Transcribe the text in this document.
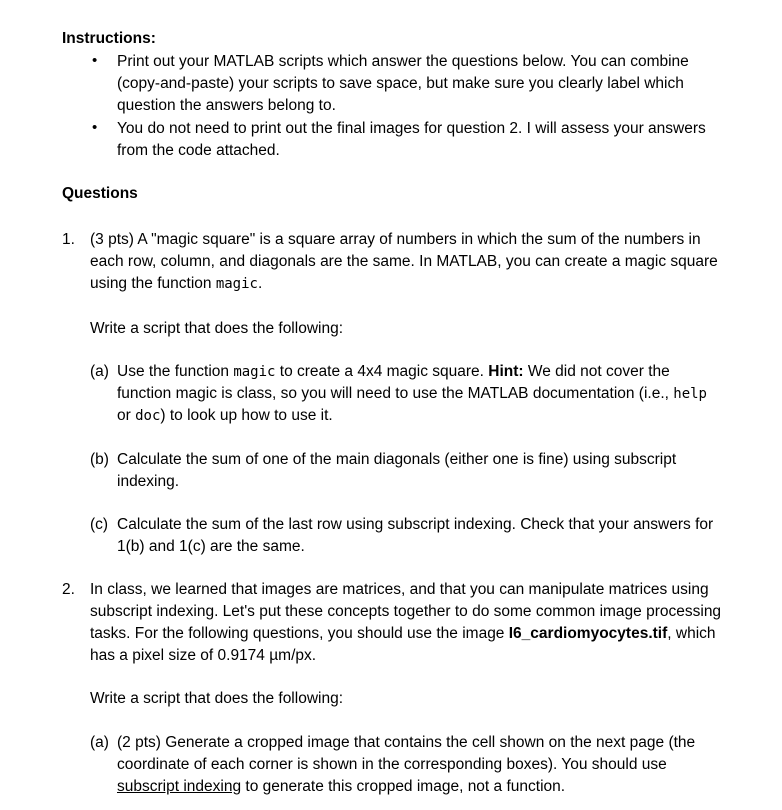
Instructions:
• Print out your MATLAB scripts which answer the questions below. You can combine
(copy-and-paste) your scripts to save space, but make sure you clearly label which
question the answers belong to.
• You do not need to print out the final images for question 2. I will assess your answers
from the code attached.
Questions
1. (3 pts) A "magic square" is a square array of numbers in which the sum of the numbers in
each row, column, and diagonals are the same. In MATLAB, you can create a magic square
using the function magic.
Write a script that does the following:
(a) Use the function magic to create a 4x4 magic square. Hint: We did not cover the
function magic is class, so you will need to use the MATLAB documentation (i.e., help
or doc) to look up how to use it.
(b) Calculate the sum of one of the main diagonals (either one is fine) using subscript
indexing.
(c) Calculate the sum of the last row using subscript indexing. Check that your answers for
1(b) and 1(c) are the same.
2. In class, we learned that images are matrices, and that you can manipulate matrices using
subscript indexing. Let's put these concepts together to do some common image processing
tasks. For the following questions, you should use the image I6_cardiomyocytes.tif, which
has a pixel size of 0.9174 µm/px.
Write a script that does the following:
(a) (2 pts) Generate a cropped image that contains the cell shown on the next page (the
coordinate of each corner is shown in the corresponding boxes). You should use
subscript indexing to generate this cropped image, not a function.
